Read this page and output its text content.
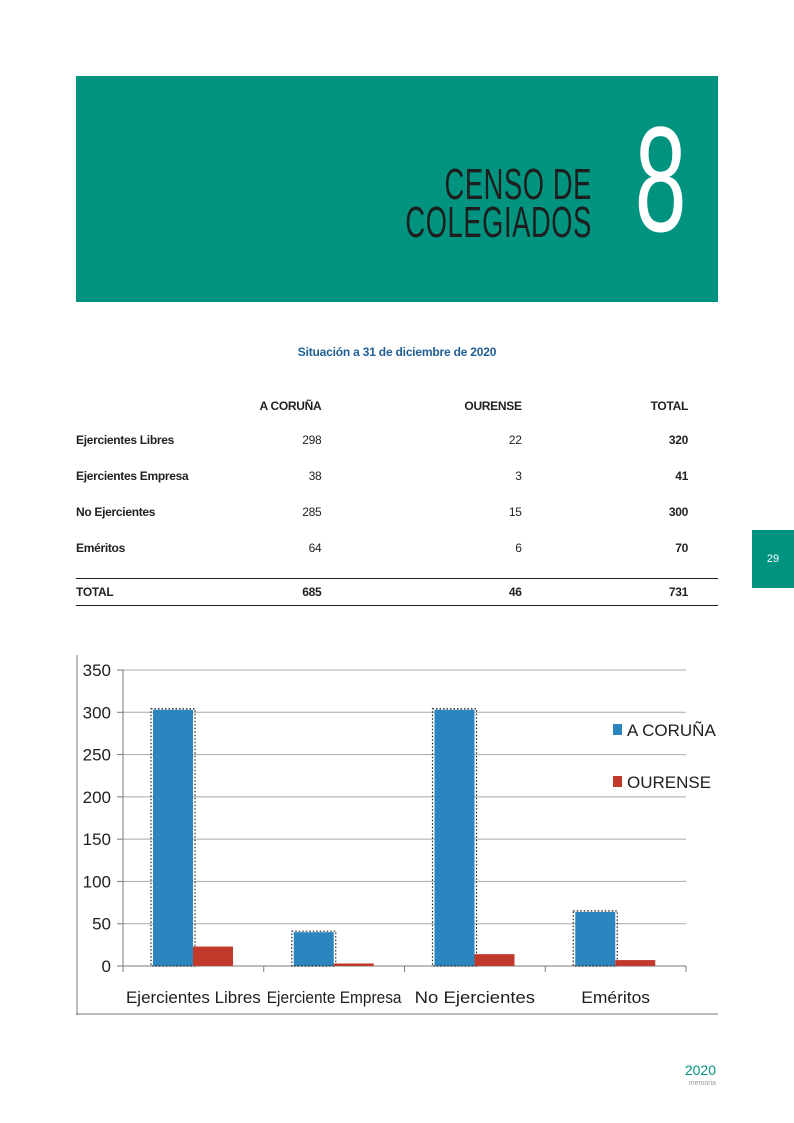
CENSO DE
COLEGIADOS 8
Situación a 31 de diciembre de 2020
	A CORUÑA	OURENSE	TOTAL
Ejercientes Libres	298	22	320
Ejercientes Empresa	38	3	41
No Ejercientes	285	15	300
Eméritos	64	6	70

TOTAL	685	46	731
29
0
50
100
150
200
250
300
350
Ejercientes Libres Ejerciente Empresa No Ejercientes	Eméritos
A CORUÑA
OURENSE
2020
memoria
